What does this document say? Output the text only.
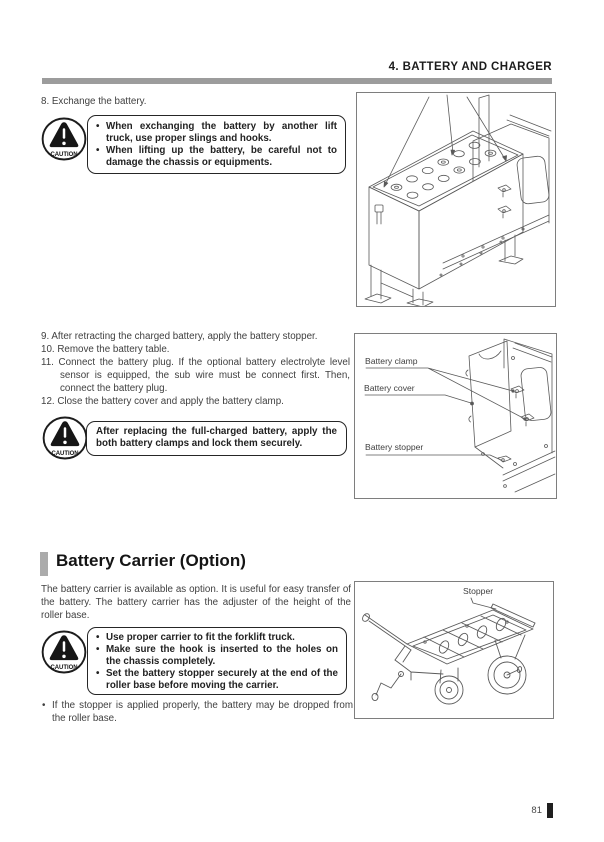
4. BATTERY AND CHARGER
8. Exchange the battery.
CAUTION
• When exchanging the battery by another lift truck, use proper slings and hooks.
• When lifting up the battery, be careful not to damage the chassis or equipments.
9. After retracting the charged battery, apply the battery stopper.
10. Remove the battery table.
11. Connect the battery plug. If the optional battery electrolyte level sensor is equipped, the sub wire must be connect first. Then, connect the battery plug.
12. Close the battery cover and apply the battery clamp.
CAUTION
After replacing the full-charged battery, apply the both battery clamps and lock them securely.
Battery clamp
Battery cover
Battery stopper
Battery Carrier (Option)
The battery carrier is available as option. It is useful for easy transfer of the battery. The battery carrier has the adjuster of the height of the roller base.
CAUTION
• Use proper carrier to fit the forklift truck.
• Make sure the hook is inserted to the holes on the chassis completely.
• Set the battery stopper securely at the end of the roller base before moving the carrier.
• If the stopper is applied properly, the battery may be dropped from the roller base.
Stopper
81
